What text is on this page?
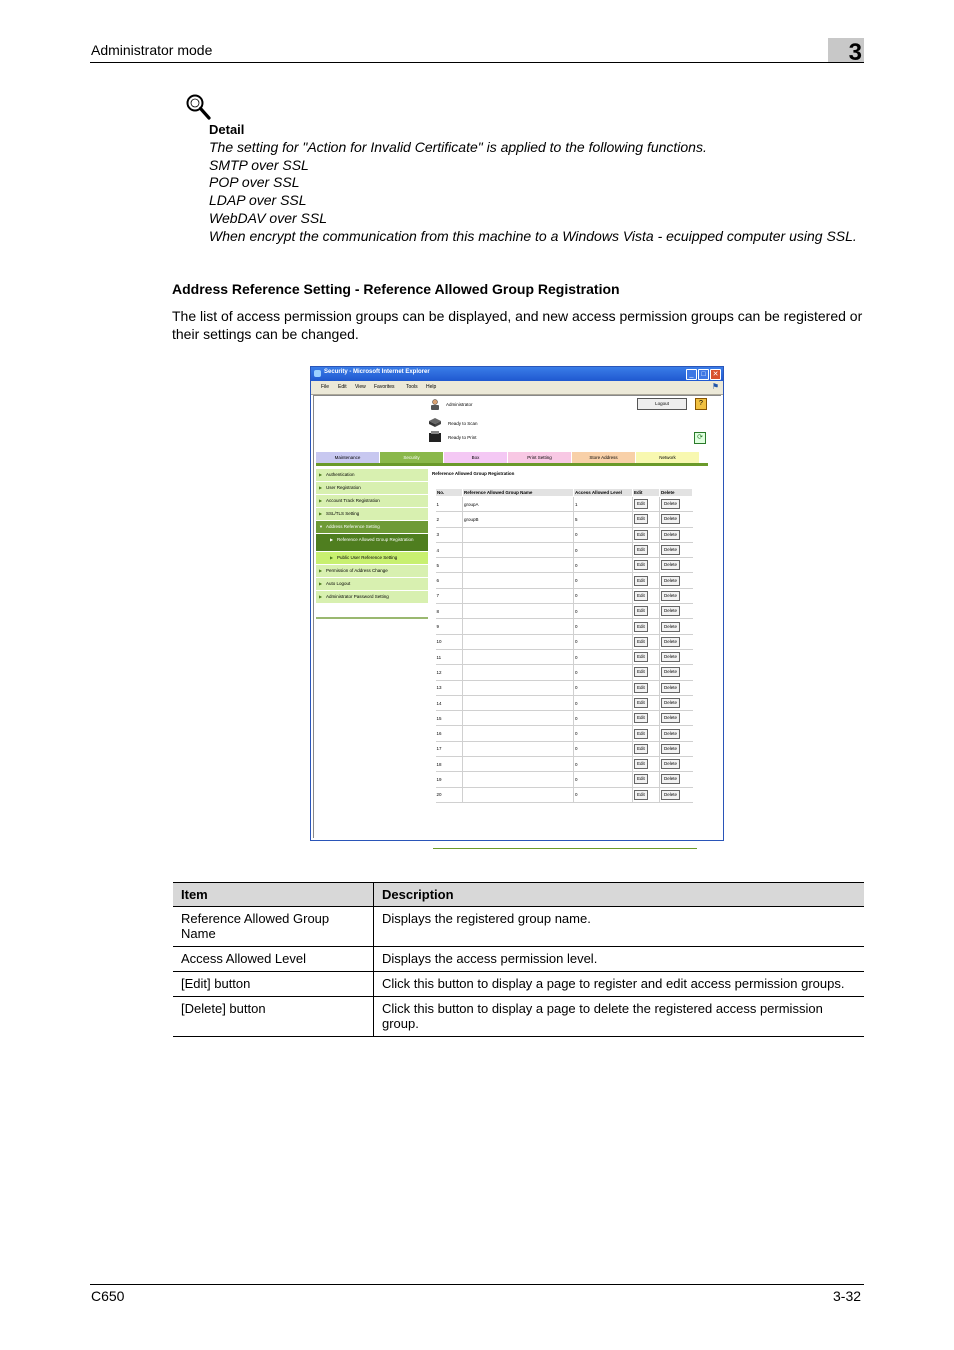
Administrator mode	3
Detail
The setting for "Action for Invalid Certificate" is applied to the following functions.
SMTP over SSL
POP over SSL
LDAP over SSL
WebDAV over SSL
When encrypt the communication from this machine to a Windows Vista - ecuipped computer using SSL.
Address Reference Setting - Reference Allowed Group Registration
The list of access permission groups can be displayed, and new access permission groups can be registered or their settings can be changed.
Security - Microsoft Internet Explorer	_	□ ✕
File Edit View Favorites Tools Help	⚑
Administrator	Logout	?
Ready to Scan
Ready to Print	⟳
Maintenance	Security	Box	Print Setting	Store Address	Network
▶ Authentication
▶ User Registration
▶ Account Track Registration
▶ SSL/TLS Setting
▼ Address Reference Setting
▶ Reference Allowed Group Registration
▶ Public User Reference Setting
▶ Permission of Address Change
▶ Auto Logout
▶ Administrator Password Setting
Reference Allowed Group Registration
No.	Reference Allowed Group Name	Access Allowed Level	Edit	Delete
1	groupA	1	Edit	Delete
2	groupB	5	Edit	Delete
3		0	Edit	Delete
4		0	Edit	Delete
5		0	Edit	Delete
6		0	Edit	Delete
7		0	Edit	Delete
8		0	Edit	Delete
9		0	Edit	Delete
10		0	Edit	Delete
11		0	Edit	Delete
12		0	Edit	Delete
13		0	Edit	Delete
14		0	Edit	Delete
15		0	Edit	Delete
16		0	Edit	Delete
17		0	Edit	Delete
18		0	Edit	Delete
19		0	Edit	Delete
20		0	Edit	Delete
Item	Description
Reference Allowed Group Name	Displays the registered group name.
Access Allowed Level	Displays the access permission level.
[Edit] button	Click this button to display a page to register and edit access permission groups.
[Delete] button	Click this button to display a page to delete the registered access permission group.
C650	3-32
